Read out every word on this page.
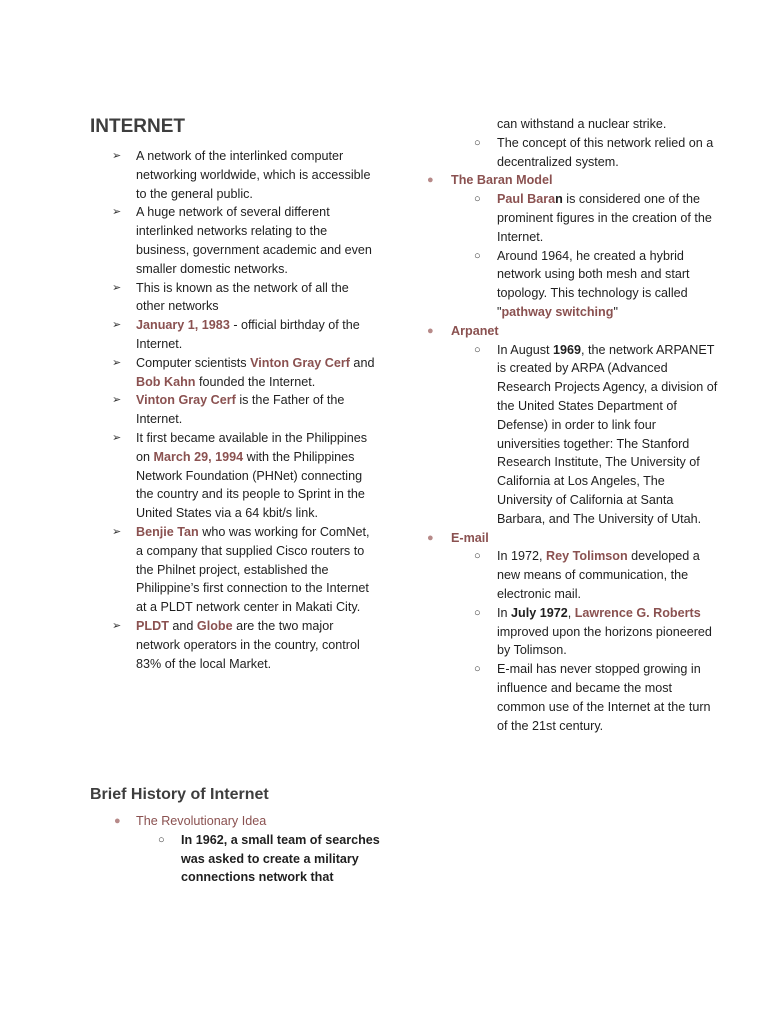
INTERNET
➢ A network of the interlinked computer networking worldwide, which is accessible to the general public.
➢ A huge network of several different interlinked networks relating to the business, government academic and even smaller domestic networks.
➢ This is known as the network of all the other networks
➢ January 1, 1983 - official birthday of the Internet.
➢ Computer scientists Vinton Gray Cerf and Bob Kahn founded the Internet.
➢ Vinton Gray Cerf is the Father of the Internet.
➢ It first became available in the Philippines on March 29, 1994 with the Philippines Network Foundation (PHNet) connecting the country and its people to Sprint in the United States via a 64 kbit/s link.
➢ Benjie Tan who was working for ComNet, a company that supplied Cisco routers to the Philnet project, established the Philippine’s first connection to the Internet at a PLDT network center in Makati City.
➢ PLDT and Globe are the two major network operators in the country, control 83% of the local Market.
Brief History of Internet
● The Revolutionary Idea
○ In 1962, a small team of searches was asked to create a military connections network that
can withstand a nuclear strike.
○ The concept of this network relied on a decentralized system.
● The Baran Model
○ Paul Baran is considered one of the prominent figures in the creation of the Internet.
○ Around 1964, he created a hybrid network using both mesh and start topology. This technology is called "pathway switching"
● Arpanet
○ In August 1969, the network ARPANET is created by ARPA (Advanced Research Projects Agency, a division of the United States Department of Defense) in order to link four universities together: The Stanford Research Institute, The University of California at Los Angeles, The University of California at Santa Barbara, and The University of Utah.
● E-mail
○ In 1972, Rey Tolimson developed a new means of communication, the electronic mail.
○ In July 1972, Lawrence G. Roberts improved upon the horizons pioneered by Tolimson.
○ E-mail has never stopped growing in influence and became the most common use of the Internet at the turn of the 21st century.
